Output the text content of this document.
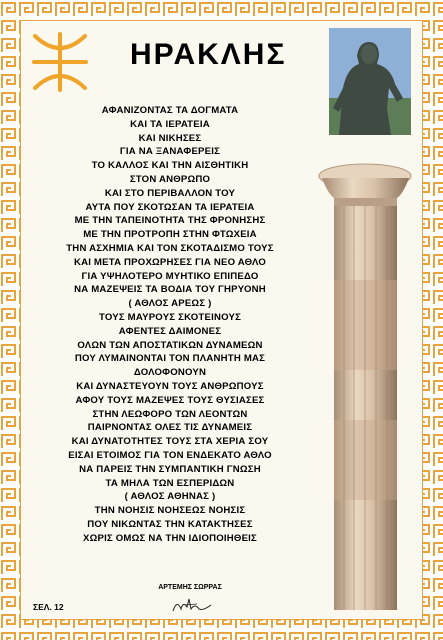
ΗΡΑΚΛΗΣ
ΑΦΑΝΙΖΟΝΤΑΣ ΤΑ ΔΟΓΜΑΤΑ
ΚΑΙ ΤΑ ΙΕΡΑΤΕΙΑ
ΚΑΙ ΝΙΚΗΣΕΣ
ΓΙΑ ΝΑ ΞΑΝΑΦΕΡΕΙΣ
ΤΟ ΚΑΛΛΟΣ ΚΑΙ ΤΗΝ ΑΙΣΘΗΤΙΚΗ
ΣΤΟΝ ΑΝΘΡΩΠΟ
ΚΑΙ ΣΤΟ ΠΕΡΙΒΑΛΛΟΝ ΤΟΥ
ΑΥΤΑ ΠΟΥ ΣΚΟΤΩΣΑΝ ΤΑ ΙΕΡΑΤΕΙΑ
ΜΕ ΤΗΝ ΤΑΠΕΙΝΟΤΗΤΑ ΤΗΣ ΦΡΟΝΗΣΗΣ
ΜΕ ΤΗΝ ΠΡΟΤΡΟΠΗ ΣΤΗΝ ΦΤΩΧΕΙΑ
ΤΗΝ ΑΣΧΗΜΙΑ ΚΑΙ ΤΟΝ ΣΚΟΤΑΔΙΣΜΟ ΤΟΥΣ
ΚΑΙ ΜΕΤΑ ΠΡΟΧΩΡΗΣΕΣ ΓΙΑ ΝΕΟ ΑΘΛΟ
ΓΙΑ ΥΨΗΛΟΤΕΡΟ ΜΥΗΤΙΚΟ ΕΠΙΠΕΔΟ
ΝΑ ΜΑΖΕΨΕΙΣ ΤΑ ΒΟΔΙΑ ΤΟΥ ΓΗΡΥΟΝΗ
( ΑΘΛΟΣ ΑΡΕΩΣ )
ΤΟΥΣ ΜΑΥΡΟΥΣ ΣΚΟΤΕΙΝΟΥΣ
ΑΦΕΝΤΕΣ ΔΑΙΜΟΝΕΣ
ΟΛΩΝ ΤΩΝ ΑΠΟΣΤΑΤΙΚΩΝ ΔΥΝΑΜΕΩΝ
ΠΟΥ ΛΥΜΑΙΝΟΝΤΑΙ ΤΟΝ ΠΛΑΝΗΤΗ ΜΑΣ
ΔΟΛΟΦΟΝΟΥΝ
ΚΑΙ ΔΥΝΑΣΤΕΥΟΥΝ ΤΟΥΣ ΑΝΘΡΩΠΟΥΣ
ΑΦΟΥ ΤΟΥΣ ΜΑΖΕΨΕΣ ΤΟΥΣ ΘΥΣΙΑΣΕΣ
ΣΤΗΝ ΛΕΩΦΟΡΟ ΤΩΝ ΛΕΟΝΤΩΝ
ΠΑΙΡΝΟΝΤΑΣ ΟΛΕΣ ΤΙΣ ΔΥΝΑΜΕΙΣ
ΚΑΙ ΔΥΝΑΤΟΤΗΤΕΣ ΤΟΥΣ ΣΤΑ ΧΕΡΙΑ ΣΟΥ
ΕΙΣΑΙ ΕΤΟΙΜΟΣ ΓΙΑ ΤΟΝ ΕΝΔΕΚΑΤΟ ΑΘΛΟ
ΝΑ ΠΑΡΕΙΣ ΤΗΝ ΣΥΜΠΑΝΤΙΚΗ ΓΝΩΣΗ
ΤΑ ΜΗΛΑ ΤΩΝ ΕΣΠΕΡΙΔΩΝ
( ΑΘΛΟΣ ΑΘΗΝΑΣ )
ΤΗΝ ΝΟΗΣΙΣ ΝΟΗΣΕΩΣ ΝΟΗΣΙΣ
ΠΟΥ ΝΙΚΩΝΤΑΣ ΤΗΝ ΚΑΤΑΚΤΗΣΕΣ
ΧΩΡΙΣ ΟΜΩΣ ΝΑ ΤΗΝ ΙΔΙΟΠΟΙΗΘΕΙΣ
ΑΡΤΕΜΗΣ ΣΩΡΡΑΣ
ΣΕΛ. 12
